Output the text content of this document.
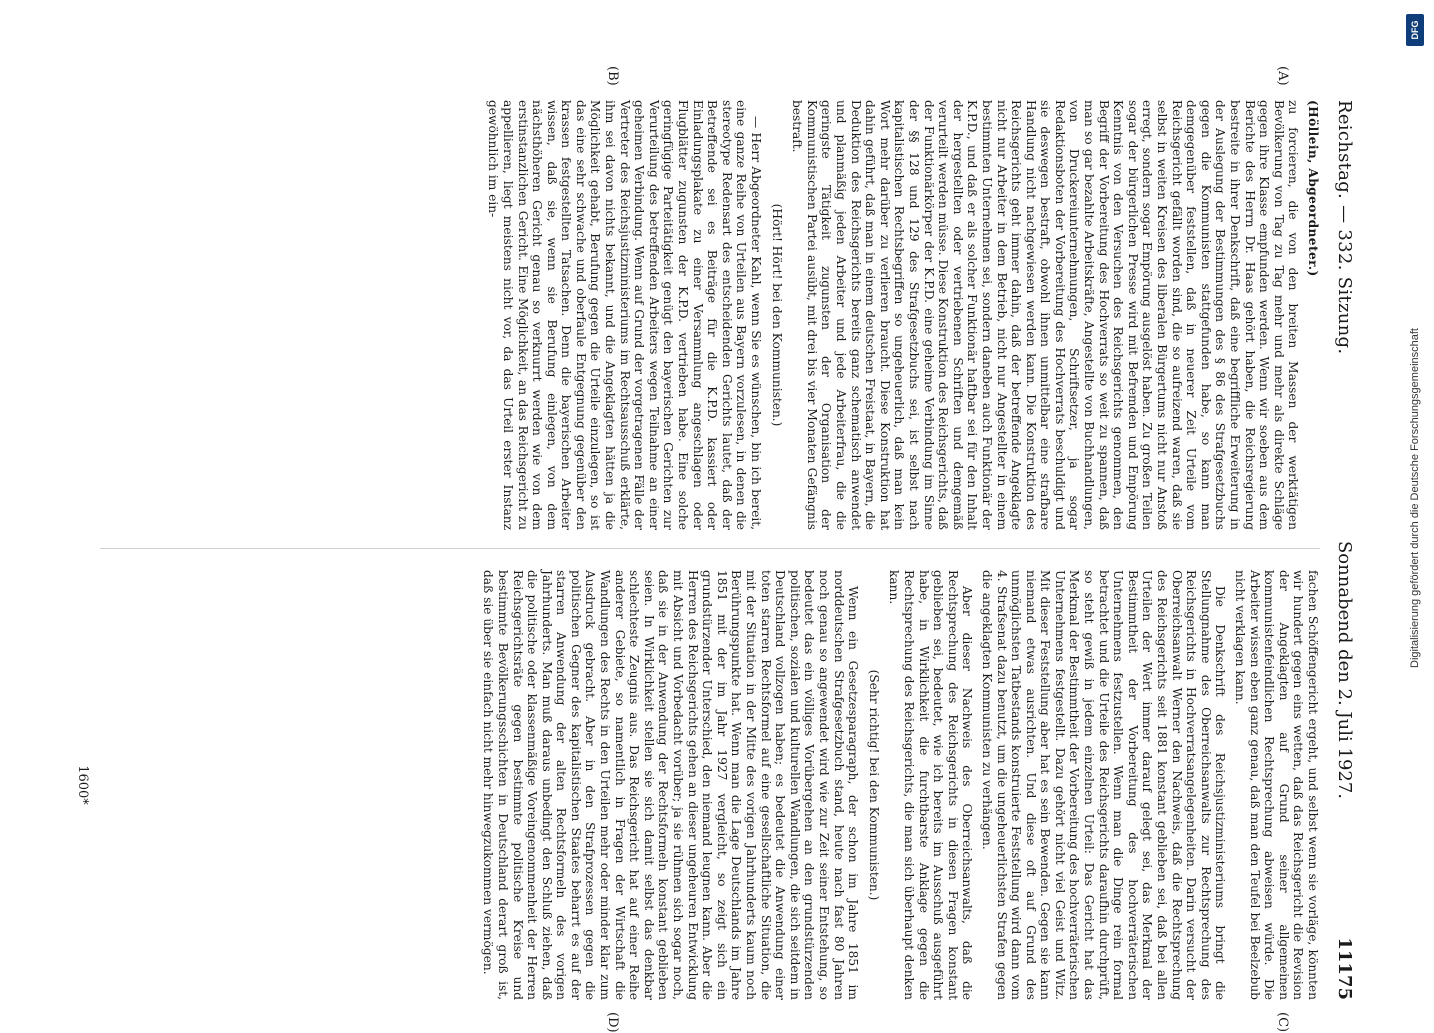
Reichstag. — 332. Sitzung.
Sonnabend den 2. Juli 1927.
11175
(A)
(B)
(C)
(D)

(Höllein, Abgeordneter.)

zu forcieren, die von den breiten Massen der werktätigen Bevölkerung von Tag zu Tag mehr und mehr als direkte Schläge gegen ihre Klasse empfunden werden. Wenn wir soeben aus dem Berichte des Herrn Dr. Haas gehört haben, die Reichsregierung bestreite in ihrer Denkschrift, daß eine begriffliche Erweiterung in der Auslegung der Bestimmungen des § 86 des Strafgesetzbuchs gegen die Kommunisten stattgefunden habe, so kann man demgegenüber feststellen, daß in neuerer Zeit Urteile vom Reichsgericht gefällt worden sind, die so aufreizend waren, daß sie selbst in weiten Kreisen des liberalen Bürgertums nicht nur Anstoß erregt, sondern sogar Empörung ausgelöst haben. Zu großen Teilen sogar der bürgerlichen Presse wird mit Befremden und Empörung Kenntnis von den Versuchen des Reichsgerichts genommen, den Begriff der Vorbereitung des Hochverrats so weit zu spannen, daß man so gar bezahlte Arbeitskräfte, Angestellte von Buchhandlungen, von Druckereiunternehmungen, Schriftsetzer, ja sogar Redaktionsboten der Vorbereitung des Hochverrats beschuldigt und sie deswegen bestraft, obwohl ihnen unmittelbar eine strafbare Handlung nicht nachgewiesen werden kann. Die Konstruktion des Reichsgerichts geht immer dahin, daß der betreffende Angeklagte nicht nur Arbeiter in dem Betrieb, nicht nur Angestellter in einem bestimmten Unternehmen sei, sondern daneben auch Funktionär der K.P.D., und daß er als solcher Funktionär haftbar sei für den Inhalt der hergestellten oder vertriebenen Schriften und demgemäß verurteilt werden müsse. Diese Konstruktion des Reichsgerichts, daß der Funktionärkörper der K.P.D. eine geheime Verbindung im Sinne der §§ 128 und 129 des Strafgesetzbuchs sei, ist selbst nach kapitalistischen Rechtsbegriffen so ungeheuerlich, daß man kein Wort mehr darüber zu verlieren braucht. Diese Konstruktion hat dahin geführt, daß man in einem deutschen Freistaat, in Bayern, die Deduktion des Reichsgerichts bereits ganz schematisch anwendet und planmäßig jeden Arbeiter und jede Arbeiterfrau, die die geringste Tätigkeit zugunsten der Organisation der Kommunistischen Partei ausübt, mit drei bis vier Monaten Gefängnis bestraft.

(Hört! Hört! bei den Kommunisten.)

— Herr Abgeordneter Kahl, wenn Sie es wünschen, bin ich bereit, eine ganze Reihe von Urteilen aus Bayern vorzulesen, in denen die stereotype Redensart des entscheidenden Gerichts lautet, daß der Betreffende sei es Beiträge für die K.P.D. kassiert oder Einladungsplakate zu einer Versammlung angeschlagen oder Flugblätter zugunsten der K.P.D. vertrieben habe. Eine solche geringfügige Parteitätigkeit genügt den bayerischen Gerichten zur Verurteilung des betreffenden Arbeiters wegen Teilnahme an einer geheimen Verbindung. Wenn auf Grund der vorgetragenen Fälle der Vertreter des Reichsjustizministeriums im Rechtsausschuß erklärte, ihm sei davon nichts bekannt, und die Angeklagten hätten ja die Möglichkeit gehabt, Berufung gegen die Urteile einzulegen, so ist das eine sehr schwache und oberfaule Entgegnung gegenüber den krassen festgestellten Tatsachen. Denn die bayerischen Arbeiter wissen, daß sie, wenn sie Berufung einlegen, von dem nächsthöheren Gericht genau so verknurrt werden wie von dem erstinstanzlichen Gericht. Eine Möglichkeit, an das Reichsgericht zu appellieren, liegt meistens nicht vor, da das Urteil erster Instanz gewöhnlich im ein-

fachen Schöffengericht ergeht, und selbst wenn sie vorläge, könnten wir hundert gegen eins wetten, daß das Reichsgericht die Revision der Angeklagten auf Grund seiner allgemeinen kommunistenfeindlichen Rechtsprechung abweisen würde. Die Arbeiter wissen eben ganz genau, daß man den Teufel bei Beelzebub nicht verklagen kann.

Die Denkschrift des Reichsjustizministeriums bringt die Stellungnahme des Oberreichsanwalts zur Rechtsprechung des Reichsgerichts in Hochverratsangelegenheiten. Darin versucht der Oberreichsanwalt Werner den Nachweis, daß die Rechtsprechung des Reichsgerichts seit 1881 konstant geblieben sei, daß bei allen Urteilen der Wert immer darauf gelegt sei, das Merkmal der Bestimmtheit der Vorbereitung des hochverräterischen Unternehmens festzustellen. Wenn man die Dinge rein formal betrachtet und die Urteile des Reichsgerichts daraufhin durchprüft, so steht gewiß in jedem einzelnen Urteil: Das Gericht hat das Merkmal der Bestimmtheit der Vorbereitung des hochverräterischen Unternehmens festgestellt. Dazu gehört nicht viel Geist und Witz. Mit dieser Feststellung aber hat es sein Bewenden. Gegen sie kann niemand etwas ausrichten. Und diese oft auf Grund des unmöglichsten Tatbestands konstruierte Feststellung wird dann vom 4. Strafsenat dazu benutzt, um die ungeheuerlichsten Strafen gegen die angeklagten Kommunisten zu verhängen.

Aber dieser Nachweis des Oberreichsanwalts, daß die Rechtsprechung des Reichsgerichts in diesen Fragen konstant geblieben sei, bedeutet, wie ich bereits im Ausschuß ausgeführt habe, in Wirklichkeit die furchtbarste Anklage gegen die Rechtsprechung des Reichsgerichts, die man sich überhaupt denken kann.

(Sehr richtig! bei den Kommunisten.)

Wenn ein Gesetzesparagraph, der schon im Jahre 1851 im norddeutschen Strafgesetzbuch stand, heute nach fast 80 Jahren noch genau so angewendet wird wie zur Zeit seiner Entstehung, so bedeutet das ein völliges Vorübergehen an den grundstürzenden politischen, sozialen und kulturellen Wandlungen, die sich seitdem in Deutschland vollzogen haben; es bedeutet die Anwendung einer toten starren Rechtsformel auf eine gesellschaftliche Situation, die mit der Situation in der Mitte des vorigen Jahrhunderts kaum noch Berührungspunkte hat. Wenn man die Lage Deutschlands im Jahre 1851 mit der im Jahr 1927 vergleicht, so zeigt sich ein grundstürzender Unterschied, den niemand leugnen kann. Aber die Herren des Reichsgerichts gehen an dieser ungeheuren Entwicklung mit Absicht und Vorbedacht vorüber; ja sie rühmen sich sogar noch, daß sie in der Anwendung der Rechtsformeln konstant geblieben seien. In Wirklichkeit stellen sie sich damit selbst das denkbar schlechteste Zeugnis aus. Das Reichsgericht hat auf einer Reihe anderer Gebiete, so namentlich in Fragen der Wirtschaft die Wandlungen des Rechts in den Urteilen mehr oder minder klar zum Ausdruck gebracht. Aber in den Strafprozessen gegen die politischen Gegner des kapitalistischen Staates beharrt es auf der starren Anwendung der alten Rechtsformeln des vorigen Jahrhunderts. Man muß daraus unbedingt den Schluß ziehen, daß die politische oder klassenmäßige Voreingenommenheit der Herren Reichsgerichtsräte gegen bestimmte politische Kreise und bestimmte Bevölkerungsschichten in Deutschland derart groß ist, daß sie über sie einfach nicht mehr hinwegzukommen vermögen.

1600*
DFG
Digitalisierung gefördert durch die Deutsche Forschungsgemeinschaft
